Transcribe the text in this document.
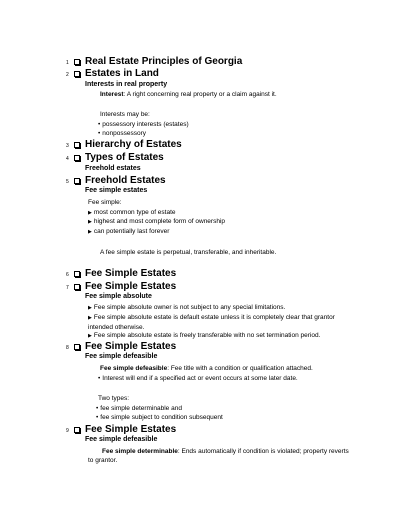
1 Real Estate Principles of Georgia
2 Estates in Land
Interests in real property
Interest: A right concerning real property or a claim against it.
Interests may be:
• possessory interests (estates)
• nonpossessory
3 Hierarchy of Estates
4 Types of Estates
Freehold estates
5 Freehold Estates
Fee simple estates
Fee simple:
▶ most common type of estate
▶ highest and most complete form of ownership
▶ can potentially last forever
A fee simple estate is perpetual, transferable, and inheritable.
6 Fee Simple Estates
7 Fee Simple Estates
Fee simple absolute
▶ Fee simple absolute owner is not subject to any special limitations.
▶ Fee simple absolute estate is default estate unless it is completely clear that grantor intended otherwise.
▶ Fee simple absolute estate is freely transferable with no set termination period.
8 Fee Simple Estates
Fee simple defeasible
Fee simple defeasible: Fee title with a condition or qualification attached.
• Interest will end if a specified act or event occurs at some later date.
Two types:
• fee simple determinable and
• fee simple subject to condition subsequent
9 Fee Simple Estates
Fee simple defeasible
Fee simple determinable: Ends automatically if condition is violated; property reverts to grantor.
